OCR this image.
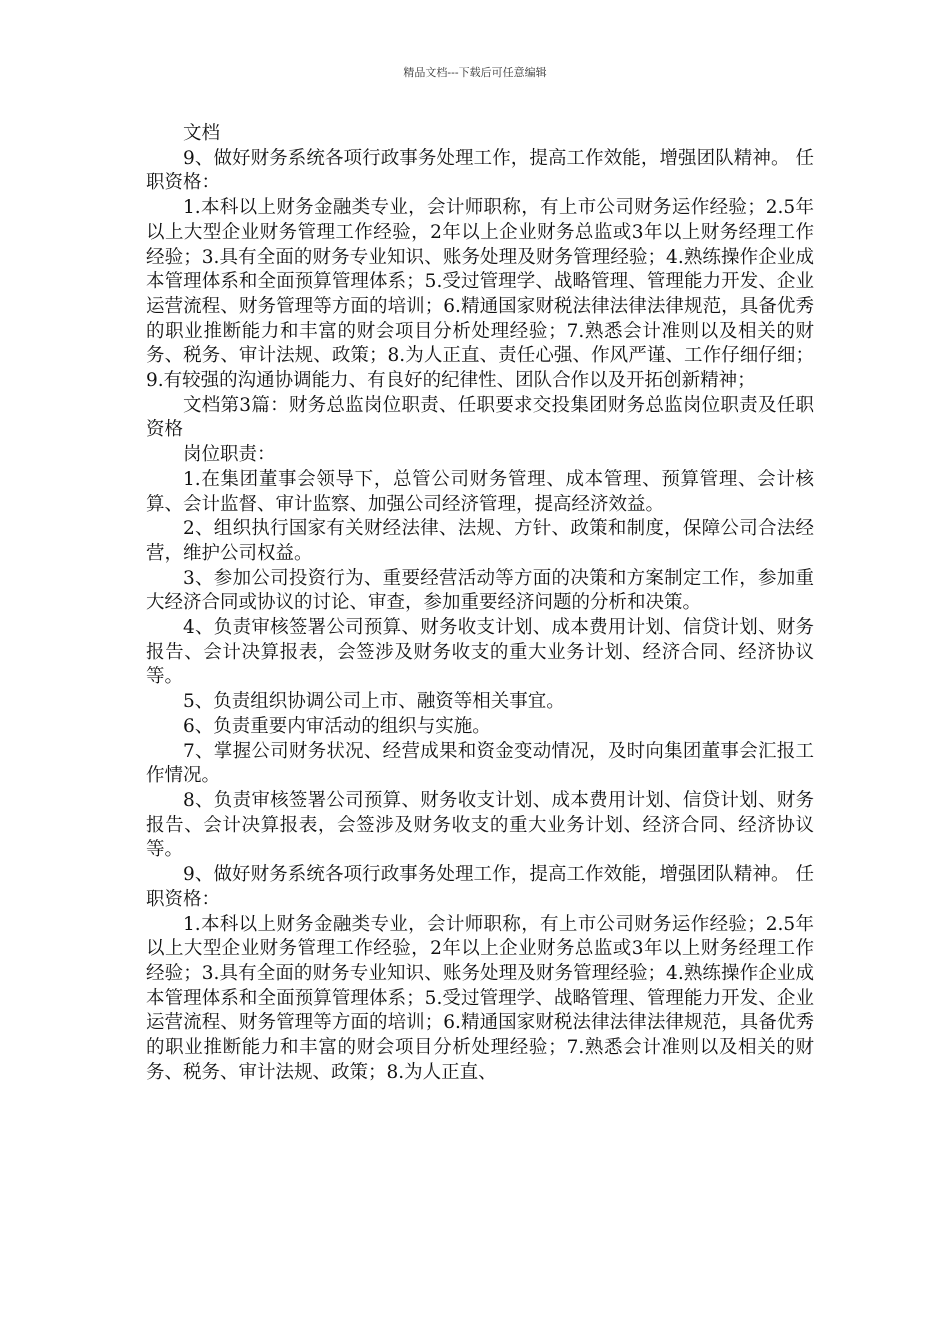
精品文档---下载后可任意编辑

文档

9、做好财务系统各项行政事务处理工作，提高工作效能，增强团队精神。 任职资格：

1.本科以上财务金融类专业，会计师职称，有上市公司财务运作经验；2.5年以上大型企业财务管理工作经验，2年以上企业财务总监或3年以上财务经理工作经验；3.具有全面的财务专业知识、账务处理及财务管理经验；4.熟练操作企业成本管理体系和全面预算管理体系；5.受过管理学、战略管理、管理能力开发、企业运营流程、财务管理等方面的培训；6.精通国家财税法律法律法律规范，具备优秀的职业推断能力和丰富的财会项目分析处理经验；7.熟悉会计准则以及相关的财务、税务、审计法规、政策；8.为人正直、责任心强、作风严谨、工作仔细仔细；9.有较强的沟通协调能力、有良好的纪律性、团队合作以及开拓创新精神；

文档第3篇：财务总监岗位职责、任职要求交投集团财务总监岗位职责及任职资格

岗位职责：

1.在集团董事会领导下，总管公司财务管理、成本管理、预算管理、会计核算、会计监督、审计监察、加强公司经济管理，提高经济效益。

2、组织执行国家有关财经法律、法规、方针、政策和制度，保障公司合法经营，维护公司权益。

3、参加公司投资行为、重要经营活动等方面的决策和方案制定工作，参加重大经济合同或协议的讨论、审查，参加重要经济问题的分析和决策。

4、负责审核签署公司预算、财务收支计划、成本费用计划、信贷计划、财务报告、会计决算报表，会签涉及财务收支的重大业务计划、经济合同、经济协议等。

5、负责组织协调公司上市、融资等相关事宜。

6、负责重要内审活动的组织与实施。

7、掌握公司财务状况、经营成果和资金变动情况，及时向集团董事会汇报工作情况。

8、负责审核签署公司预算、财务收支计划、成本费用计划、信贷计划、财务报告、会计决算报表，会签涉及财务收支的重大业务计划、经济合同、经济协议等。

9、做好财务系统各项行政事务处理工作，提高工作效能，增强团队精神。 任职资格：

1.本科以上财务金融类专业，会计师职称，有上市公司财务运作经验；2.5年以上大型企业财务管理工作经验，2年以上企业财务总监或3年以上财务经理工作经验；3.具有全面的财务专业知识、账务处理及财务管理经验；4.熟练操作企业成本管理体系和全面预算管理体系；5.受过管理学、战略管理、管理能力开发、企业运营流程、财务管理等方面的培训；6.精通国家财税法律法律法律规范，具备优秀的职业推断能力和丰富的财会项目分析处理经验；7.熟悉会计准则以及相关的财务、税务、审计法规、政策；8.为人正直、
